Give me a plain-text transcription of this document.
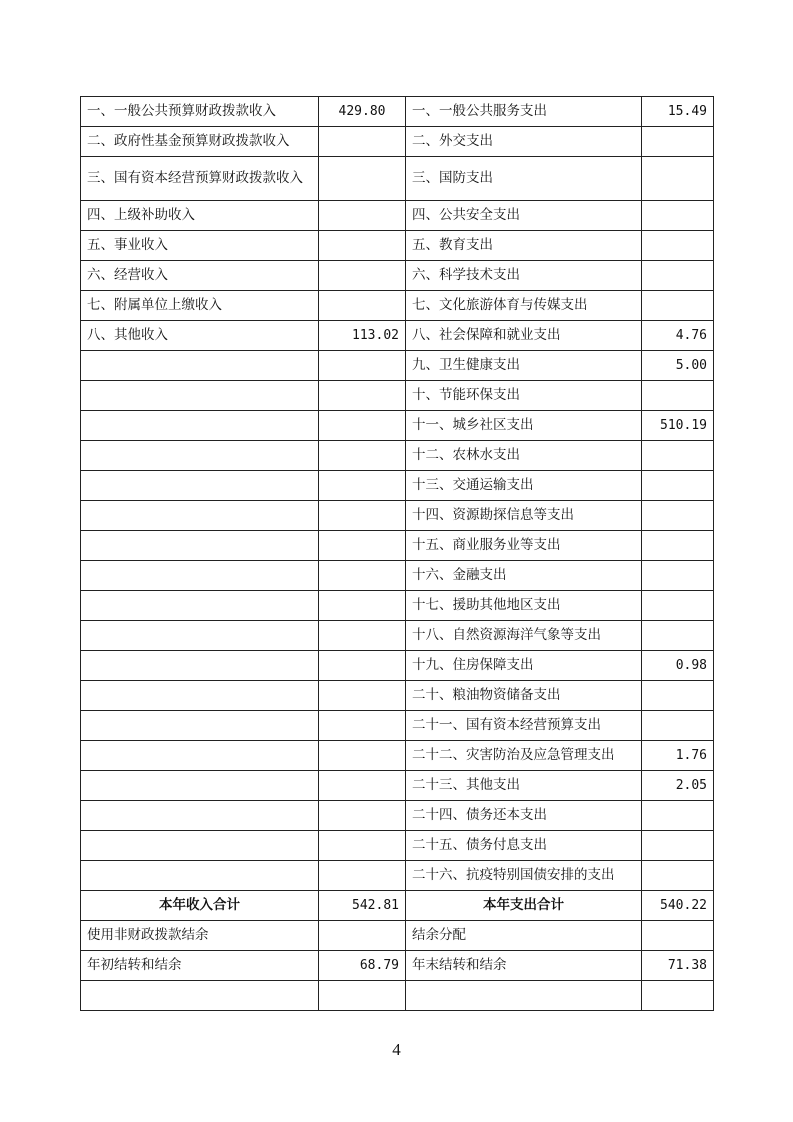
一、一般公共预算财政拨款收入	429.80	一、一般公共服务支出	15.49
二、政府性基金预算财政拨款收入		二、外交支出	
三、国有资本经营预算财政拨款收入		三、国防支出	
四、上级补助收入		四、公共安全支出	
五、事业收入		五、教育支出	
六、经营收入		六、科学技术支出	
七、附属单位上缴收入		七、文化旅游体育与传媒支出	
八、其他收入	113.02	八、社会保障和就业支出	4.76
		九、卫生健康支出	5.00
		十、节能环保支出	
		十一、城乡社区支出	510.19
		十二、农林水支出	
		十三、交通运输支出	
		十四、资源勘探信息等支出	
		十五、商业服务业等支出	
		十六、金融支出	
		十七、援助其他地区支出	
		十八、自然资源海洋气象等支出	
		十九、住房保障支出	0.98
		二十、粮油物资储备支出	
		二十一、国有资本经营预算支出	
		二十二、灾害防治及应急管理支出	1.76
		二十三、其他支出	2.05
		二十四、债务还本支出	
		二十五、债务付息支出	
		二十六、抗疫特别国债安排的支出	
本年收入合计	542.81	本年支出合计	540.22
使用非财政拨款结余		结余分配	
年初结转和结余	68.79	年末结转和结余	71.38

4
